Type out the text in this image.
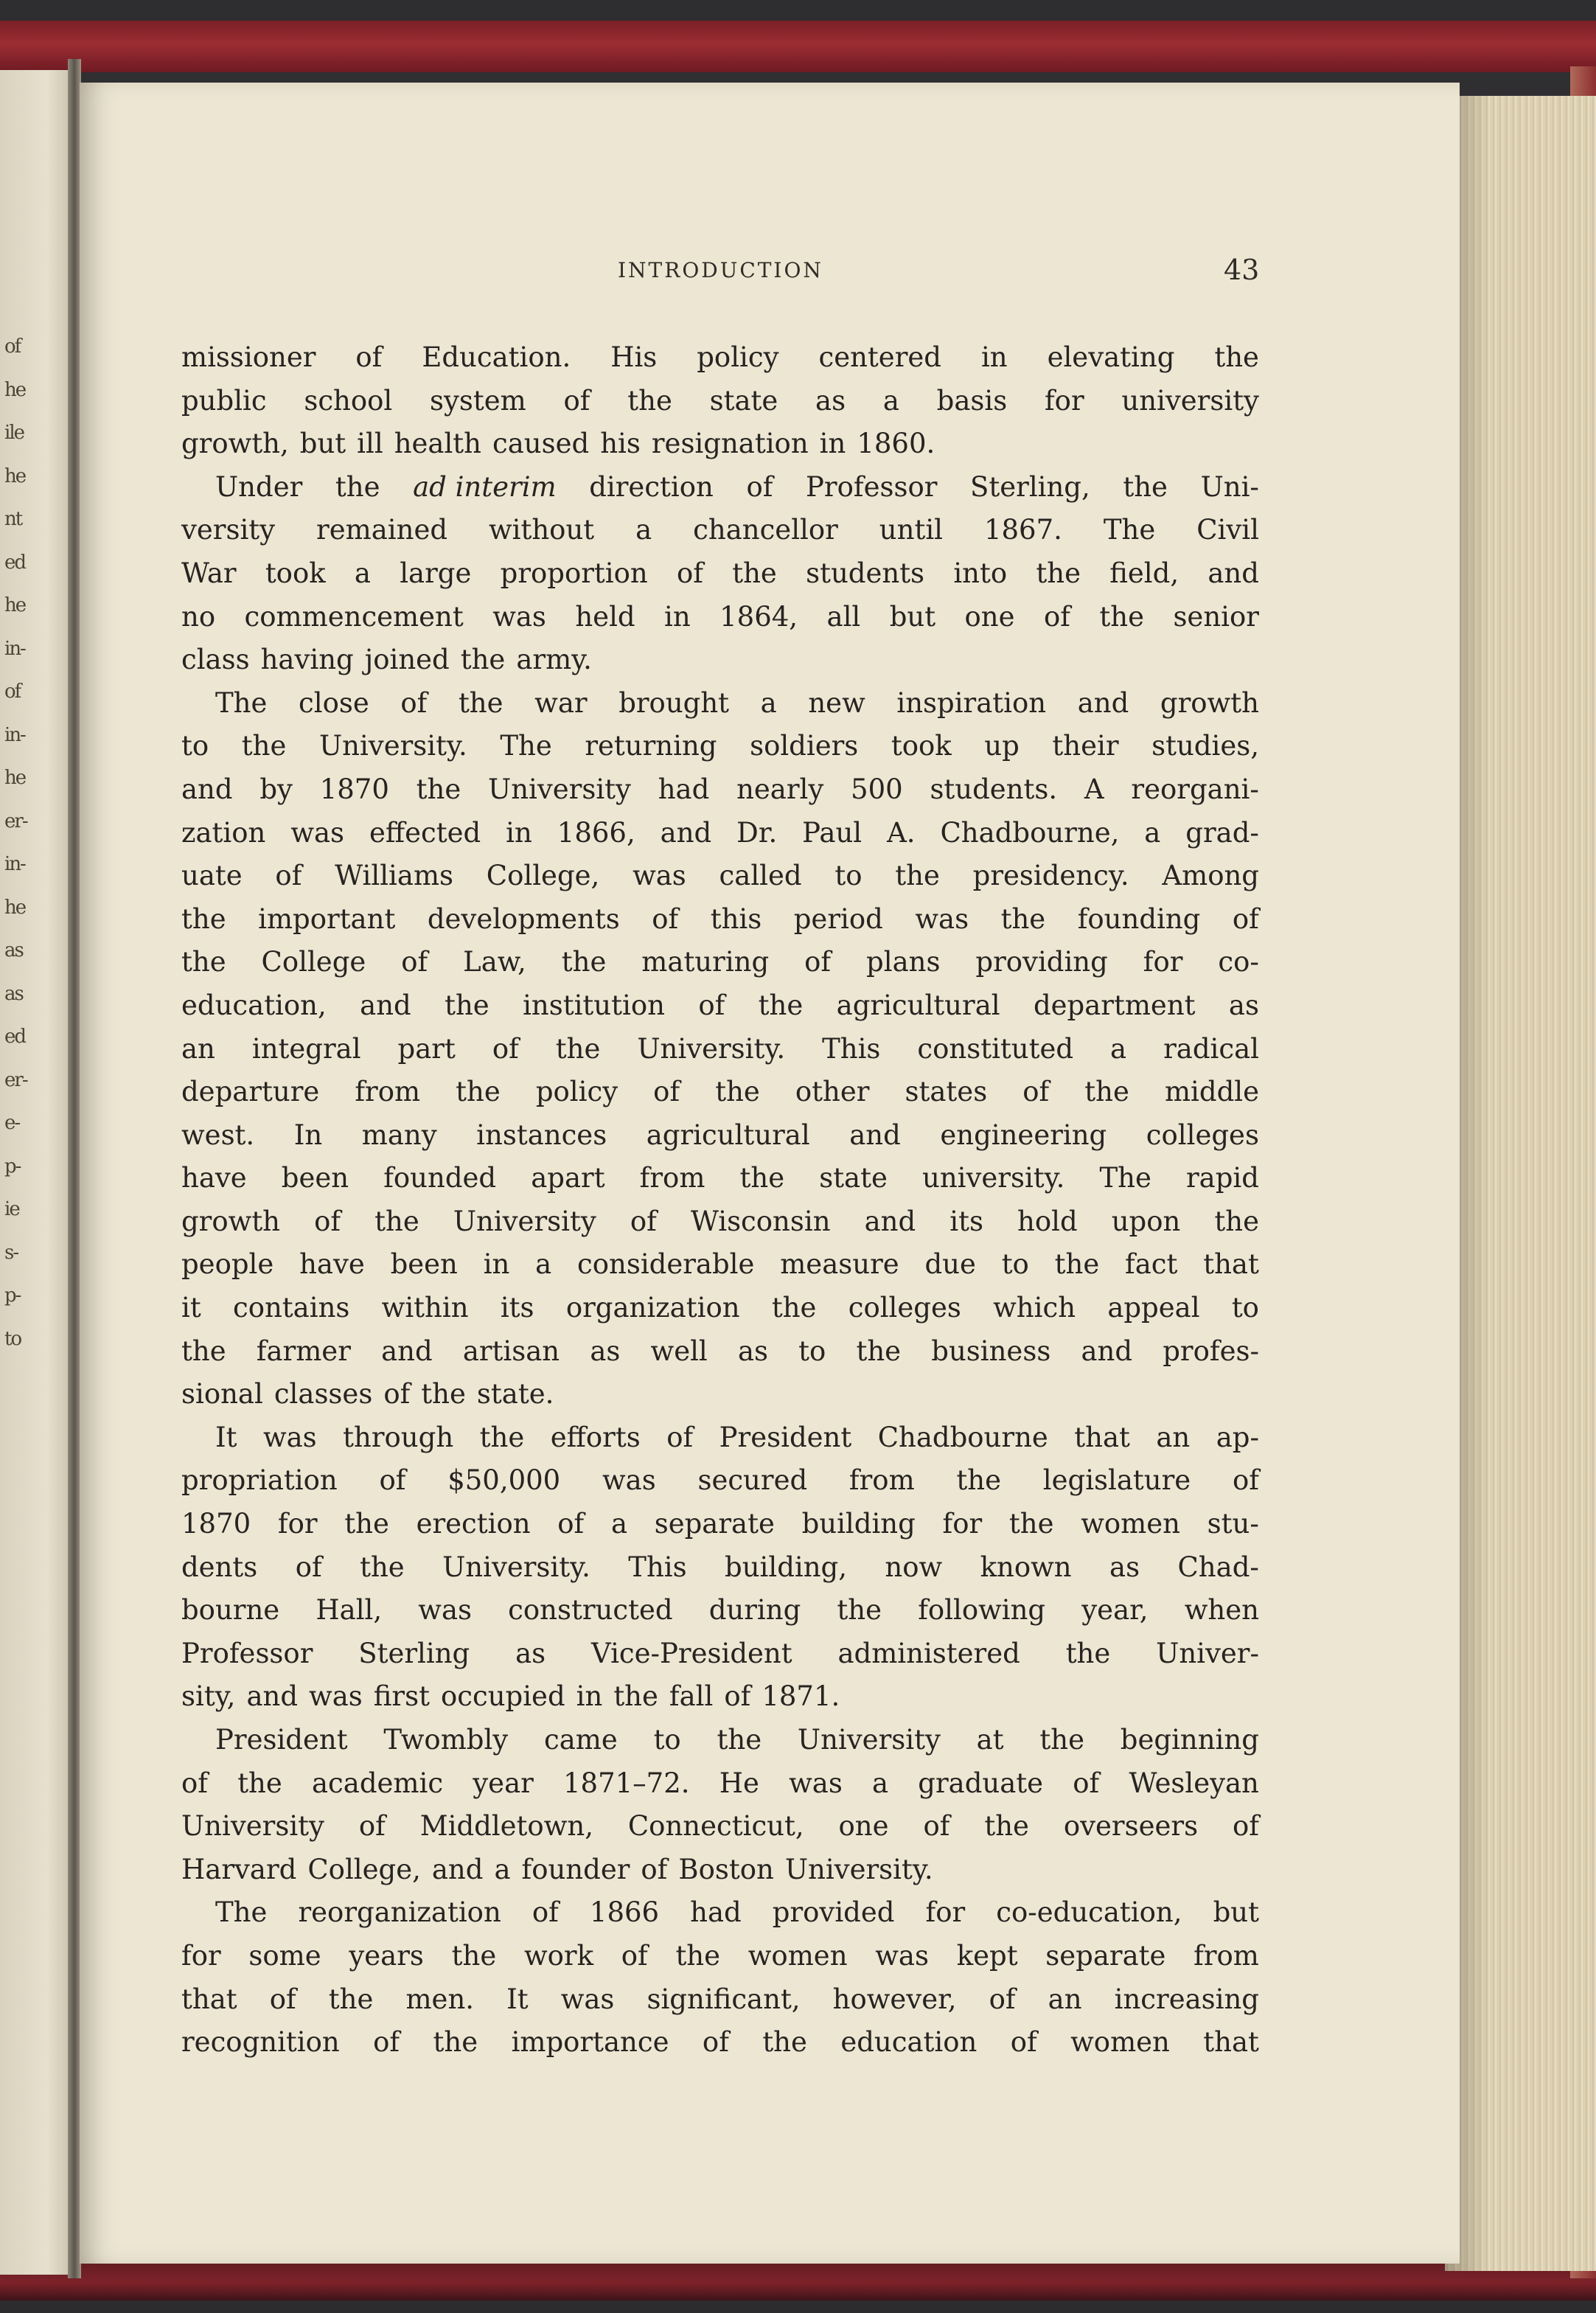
of
he
ile
he
nt
ed
he
in-
of
in-
he
er-
in-
he
as
as
ed
er-
e-
p-
ie
s-
p-
to
INTRODUCTION	43
missioner of Education. His policy centered in elevating the
public school system of the state as a basis for university
growth, but ill health caused his resignation in 1860.
Under the ad interim direction of Professor Sterling, the Uni-
versity remained without a chancellor until 1867. The Civil
War took a large proportion of the students into the field, and
no commencement was held in 1864, all but one of the senior
class having joined the army.
The close of the war brought a new inspiration and growth
to the University. The returning soldiers took up their studies,
and by 1870 the University had nearly 500 students. A reorgani-
zation was effected in 1866, and Dr. Paul A. Chadbourne, a grad-
uate of Williams College, was called to the presidency. Among
the important developments of this period was the founding of
the College of Law, the maturing of plans providing for co-
education, and the institution of the agricultural department as
an integral part of the University. This constituted a radical
departure from the policy of the other states of the middle
west. In many instances agricultural and engineering colleges
have been founded apart from the state university. The rapid
growth of the University of Wisconsin and its hold upon the
people have been in a considerable measure due to the fact that
it contains within its organization the colleges which appeal to
the farmer and artisan as well as to the business and profes-
sional classes of the state.
It was through the efforts of President Chadbourne that an ap-
propriation of $50,000 was secured from the legislature of
1870 for the erection of a separate building for the women stu-
dents of the University. This building, now known as Chad-
bourne Hall, was constructed during the following year, when
Professor Sterling as Vice-President administered the Univer-
sity, and was first occupied in the fall of 1871.
President Twombly came to the University at the beginning
of the academic year 1871–72. He was a graduate of Wesleyan
University of Middletown, Connecticut, one of the overseers of
Harvard College, and a founder of Boston University.
The reorganization of 1866 had provided for co-education, but
for some years the work of the women was kept separate from
that of the men. It was significant, however, of an increasing
recognition of the importance of the education of women that
